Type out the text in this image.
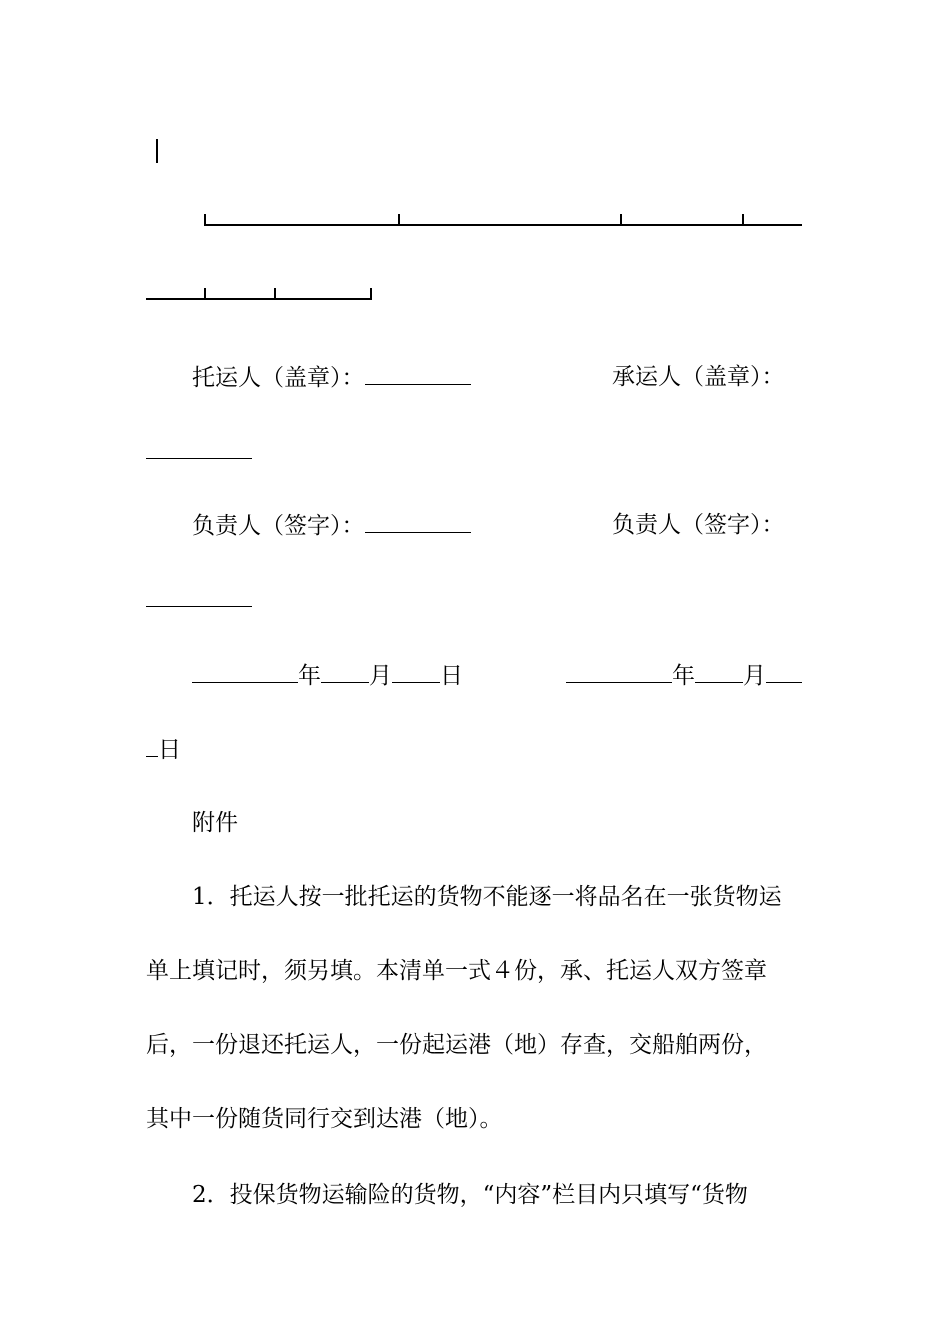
托运人（盖章）：	承运人（盖章）：
负责人（签字）：	负责人（签字）：
年 月 日	年 月
日
附件
1．托运人按一批托运的货物不能逐一将品名在一张货物运
单上填记时，须另填。本清单一式４份，承、托运人双方签章
后，一份退还托运人，一份起运港（地）存查，交船舶两份，
其中一份随货同行交到达港（地）。
2．投保货物运输险的货物，“内容”栏目内只填写“货物
